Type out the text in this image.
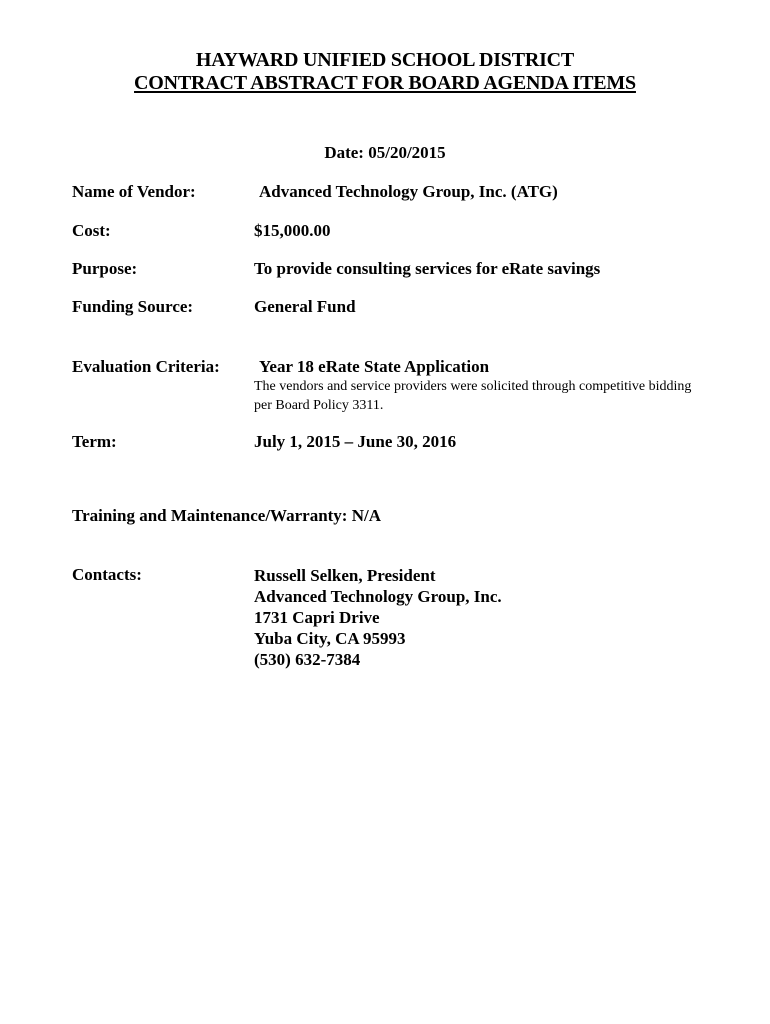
HAYWARD UNIFIED SCHOOL DISTRICT
CONTRACT ABSTRACT FOR BOARD AGENDA ITEMS
Date: 05/20/2015
Name of Vendor:	Advanced Technology Group, Inc. (ATG)
Cost:	$15,000.00
Purpose:	To provide consulting services for eRate savings
Funding Source:	General Fund
Evaluation Criteria: Year 18 eRate State Application
The vendors and service providers were solicited through competitive bidding per Board Policy 3311.
Term:	July 1, 2015 – June 30, 2016
Training and Maintenance/Warranty: N/A
Contacts:	Russell Selken, President
Advanced Technology Group, Inc.
1731 Capri Drive
Yuba City, CA 95993
(530) 632-7384
